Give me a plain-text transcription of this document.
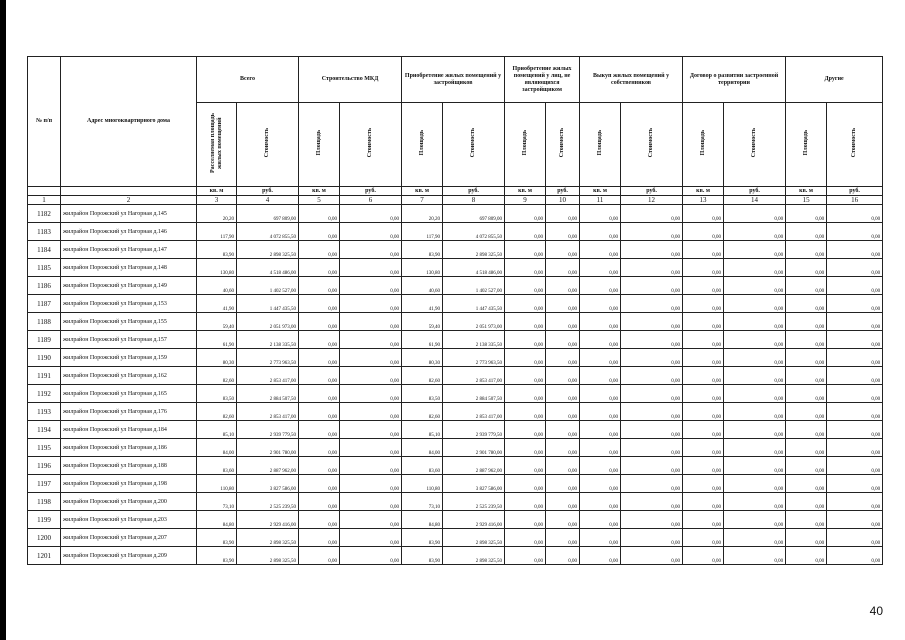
№ п/п	Адрес многоквартирного дома	Всего		Строительство МКД		Приобретение жилых помещений у застройщиков		Приобретение жилых помещений у лиц, не являющихся застройщиком		Выкуп жилых помещений у собственников		Договор о развитии застроенной территории		Другие	
		Расселяемая площадь жилых помещений	Стоимость	Площадь	Стоимость	Площадь	Стоимость	Площадь	Стоимость	Площадь	Стоимость	Площадь	Стоимость	Площадь	Стоимость
		кв. м	руб.	кв. м	руб.	кв. м	руб.	кв. м	руб.	кв. м	руб.	кв. м	руб.	кв. м	руб.
1	2	3	4	5	6	7	8	9	10	11	12	13	14	15	16
1182	жилрайон Порожский ул Нагорная д.145	20,20	697 809,00	0,00	0,00	20,20	697 809,00	0,00	0,00	0,00	0,00	0,00	0,00	0,00	0,00
1183	жилрайон Порожский ул Нагорная д.146	117,90	4 072 855,50	0,00	0,00	117,90	4 072 855,50	0,00	0,00	0,00	0,00	0,00	0,00	0,00	0,00
1184	жилрайон Порожский ул Нагорная д.147	83,90	2 898 325,50	0,00	0,00	83,90	2 898 325,50	0,00	0,00	0,00	0,00	0,00	0,00	0,00	0,00
1185	жилрайон Порожский ул Нагорная д.148	130,80	4 518 486,00	0,00	0,00	130,80	4 518 486,00	0,00	0,00	0,00	0,00	0,00	0,00	0,00	0,00
1186	жилрайон Порожский ул Нагорная д.149	40,60	1 402 527,00	0,00	0,00	40,60	1 402 527,00	0,00	0,00	0,00	0,00	0,00	0,00	0,00	0,00
1187	жилрайон Порожский ул Нагорная д.153	41,90	1 447 435,50	0,00	0,00	41,90	1 447 435,50	0,00	0,00	0,00	0,00	0,00	0,00	0,00	0,00
1188	жилрайон Порожский ул Нагорная д.155	59,40	2 051 973,00	0,00	0,00	59,40	2 051 973,00	0,00	0,00	0,00	0,00	0,00	0,00	0,00	0,00
1189	жилрайон Порожский ул Нагорная д.157	61,90	2 138 335,50	0,00	0,00	61,90	2 138 335,50	0,00	0,00	0,00	0,00	0,00	0,00	0,00	0,00
1190	жилрайон Порожский ул Нагорная д.159	80,30	2 773 963,50	0,00	0,00	80,30	2 773 963,50	0,00	0,00	0,00	0,00	0,00	0,00	0,00	0,00
1191	жилрайон Порожский ул Нагорная д.162	82,60	2 853 417,00	0,00	0,00	82,60	2 853 417,00	0,00	0,00	0,00	0,00	0,00	0,00	0,00	0,00
1192	жилрайон Порожский ул Нагорная д.165	83,50	2 884 507,50	0,00	0,00	83,50	2 884 507,50	0,00	0,00	0,00	0,00	0,00	0,00	0,00	0,00
1193	жилрайон Порожский ул Нагорная д.176	82,60	2 853 417,00	0,00	0,00	82,60	2 853 417,00	0,00	0,00	0,00	0,00	0,00	0,00	0,00	0,00
1194	жилрайон Порожский ул Нагорная д.184	85,10	2 939 779,50	0,00	0,00	85,10	2 939 779,50	0,00	0,00	0,00	0,00	0,00	0,00	0,00	0,00
1195	жилрайон Порожский ул Нагорная д.186	84,00	2 901 780,00	0,00	0,00	84,00	2 901 780,00	0,00	0,00	0,00	0,00	0,00	0,00	0,00	0,00
1196	жилрайон Порожский ул Нагорная д.188	83,60	2 887 962,00	0,00	0,00	83,60	2 887 962,00	0,00	0,00	0,00	0,00	0,00	0,00	0,00	0,00
1197	жилрайон Порожский ул Нагорная д.198	110,80	3 827 586,00	0,00	0,00	110,80	3 827 586,00	0,00	0,00	0,00	0,00	0,00	0,00	0,00	0,00
1198	жилрайон Порожский ул Нагорная д.200	73,10	2 525 239,50	0,00	0,00	73,10	2 525 239,50	0,00	0,00	0,00	0,00	0,00	0,00	0,00	0,00
1199	жилрайон Порожский ул Нагорная д.203	84,80	2 929 416,00	0,00	0,00	84,80	2 929 416,00	0,00	0,00	0,00	0,00	0,00	0,00	0,00	0,00
1200	жилрайон Порожский ул Нагорная д.207	83,90	2 898 325,50	0,00	0,00	83,90	2 898 325,50	0,00	0,00	0,00	0,00	0,00	0,00	0,00	0,00
1201	жилрайон Порожский ул Нагорная д.209	83,90	2 898 325,50	0,00	0,00	83,90	2 898 325,50	0,00	0,00	0,00	0,00	0,00	0,00	0,00	0,00
40
